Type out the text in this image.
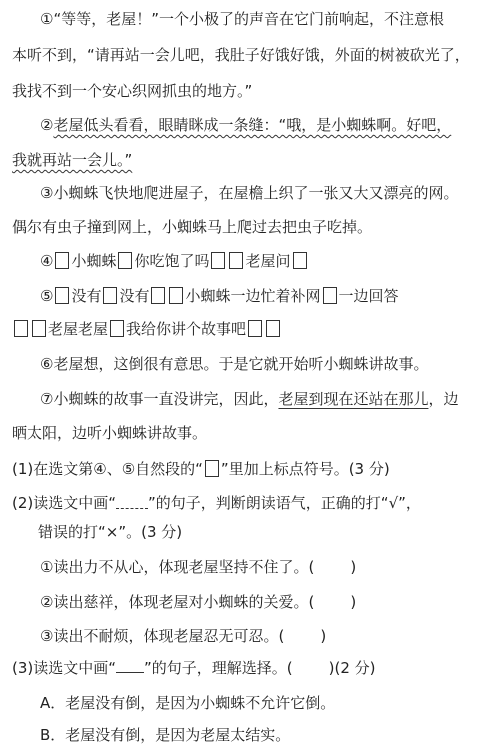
①“等等，老屋！”一个小极了的声音在它门前响起，不注意根
本听不到，“请再站一会儿吧，我肚子好饿好饿，外面的树被砍光了，
我找不到一个安心织网抓虫的地方。”
②老屋低头看看，眼睛眯成一条缝：“哦，是小蜘蛛啊。好吧，
我就再站一会儿。”
③小蜘蛛飞快地爬进屋子，在屋檐上织了一张又大又漂亮的网。
偶尔有虫子撞到网上，小蜘蛛马上爬过去把虫子吃掉。
④ 小蜘蛛 你吃饱了吗 老屋问
⑤ 没有 没有 小蜘蛛一边忙着补网 一边回答
老屋老屋 我给你讲个故事吧
⑥老屋想，这倒很有意思。于是它就开始听小蜘蛛讲故事。
⑦小蜘蛛的故事一直没讲完，因此，老屋到现在还站在那儿，边
晒太阳，边听小蜘蛛讲故事。
(1)在选文第④、⑤自然段的“ ”里加上标点符号。(3 分)
(2)读选文中画“ ”的句子，判断朗读语气，正确的打“√”，
错误的打“×”。(3 分)
①读出力不从心，体现老屋坚持不住了。( )
②读出慈祥，体现老屋对小蜘蛛的关爱。( )
③读出不耐烦，体现老屋忍无可忍。( )
(3)读选文中画“ ”的句子，理解选择。( )(2 分)
A．老屋没有倒，是因为小蜘蛛不允许它倒。
B．老屋没有倒，是因为老屋太结实。
